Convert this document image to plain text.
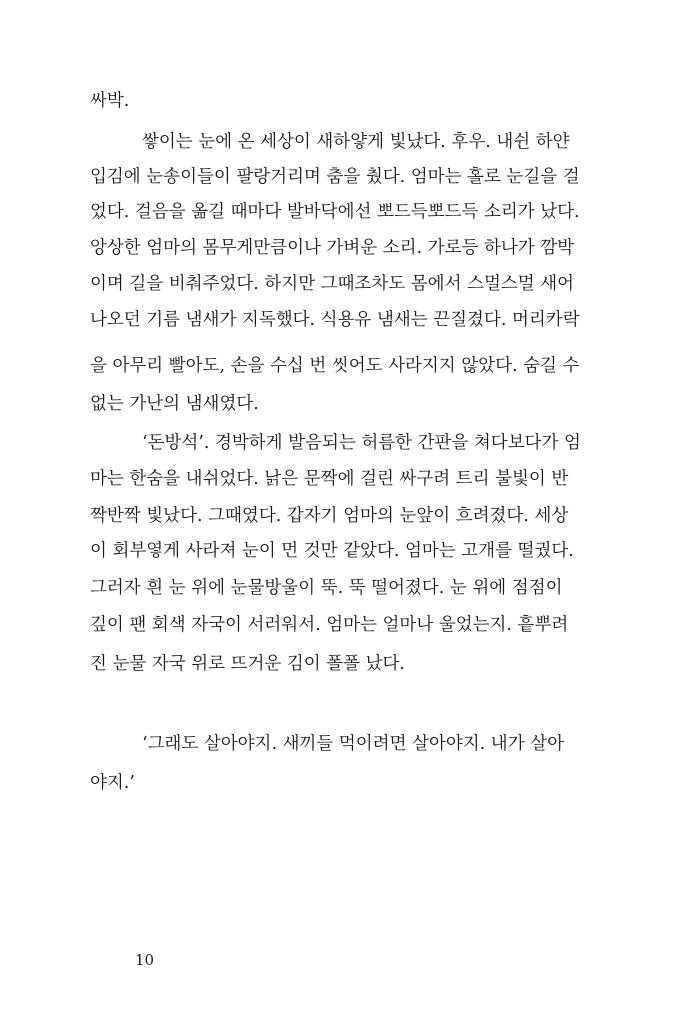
싸박.
쌓이는 눈에 온 세상이 새하얗게 빛났다. 후우. 내쉰 하얀
입김에 눈송이들이 팔랑거리며 춤을 췄다. 엄마는 홀로 눈길을 걸
었다. 걸음을 옮길 때마다 발바닥에선 뽀드득뽀드득 소리가 났다.
앙상한 엄마의 몸무게만큼이나 가벼운 소리. 가로등 하나가 깜박
이며 길을 비춰주었다. 하지만 그때조차도 몸에서 스멀스멀 새어
나오던 기름 냄새가 지독했다. 식용유 냄새는 끈질겼다. 머리카락
을 아무리 빨아도, 손을 수십 번 씻어도 사라지지 않았다. 숨길 수
없는 가난의 냄새였다.
‘돈방석’. 경박하게 발음되는 허름한 간판을 쳐다보다가 엄
마는 한숨을 내쉬었다. 낡은 문짝에 걸린 싸구려 트리 불빛이 반
짝반짝 빛났다. 그때였다. 갑자기 엄마의 눈앞이 흐려졌다. 세상
이 회부옇게 사라져 눈이 먼 것만 같았다. 엄마는 고개를 떨궜다.
그러자 흰 눈 위에 눈물방울이 뚝. 뚝 떨어졌다. 눈 위에 점점이
깊이 팬 회색 자국이 서러워서. 엄마는 얼마나 울었는지. 흩뿌려
진 눈물 자국 위로 뜨거운 김이 폴폴 났다.
‘그래도 살아야지. 새끼들 먹이려면 살아야지. 내가 살아
야지.’
10
